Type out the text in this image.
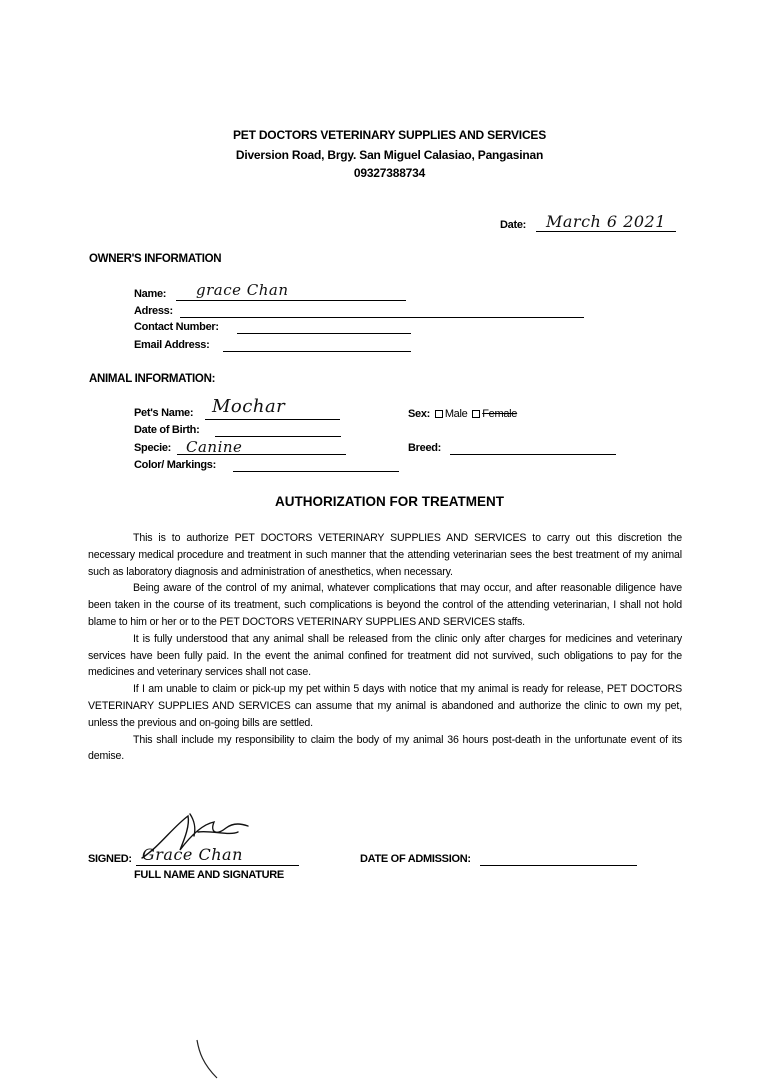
PET DOCTORS VETERINARY SUPPLIES AND SERVICES
Diversion Road, Brgy. San Miguel Calasiao, Pangasinan
09327388734
Date: March 6 2021
OWNER'S INFORMATION
Name: grace Chan
Adress:
Contact Number:
Email Address:
ANIMAL INFORMATION:
Pet's Name: Mochar
Date of Birth:
Specie: Canine
Color/ Markings:
Sex: Male Female
Breed:
AUTHORIZATION FOR TREATMENT

This is to authorize PET DOCTORS VETERINARY SUPPLIES AND SERVICES to carry out this discretion the necessary medical procedure and treatment in such manner that the attending veterinarian sees the best treatment of my animal such as laboratory diagnosis and administration of anesthetics, when necessary.

Being aware of the control of my animal, whatever complications that may occur, and after reasonable diligence have been taken in the course of its treatment, such complications is beyond the control of the attending veterinarian, I shall not hold blame to him or her or to the PET DOCTORS VETERINARY SUPPLIES AND SERVICES staffs.

It is fully understood that any animal shall be released from the clinic only after charges for medicines and veterinary services have been fully paid. In the event the animal confined for treatment did not survived, such obligations to pay for the medicines and veterinary services shall not case.

If I am unable to claim or pick-up my pet within 5 days with notice that my animal is ready for release, PET DOCTORS VETERINARY SUPPLIES AND SERVICES can assume that my animal is abandoned and authorize the clinic to own my pet, unless the previous and on-going bills are settled.

This shall include my responsibility to claim the body of my animal 36 hours post-death in the unfortunate event of its demise.

SIGNED: Grace Chan
FULL NAME AND SIGNATURE
DATE OF ADMISSION:
